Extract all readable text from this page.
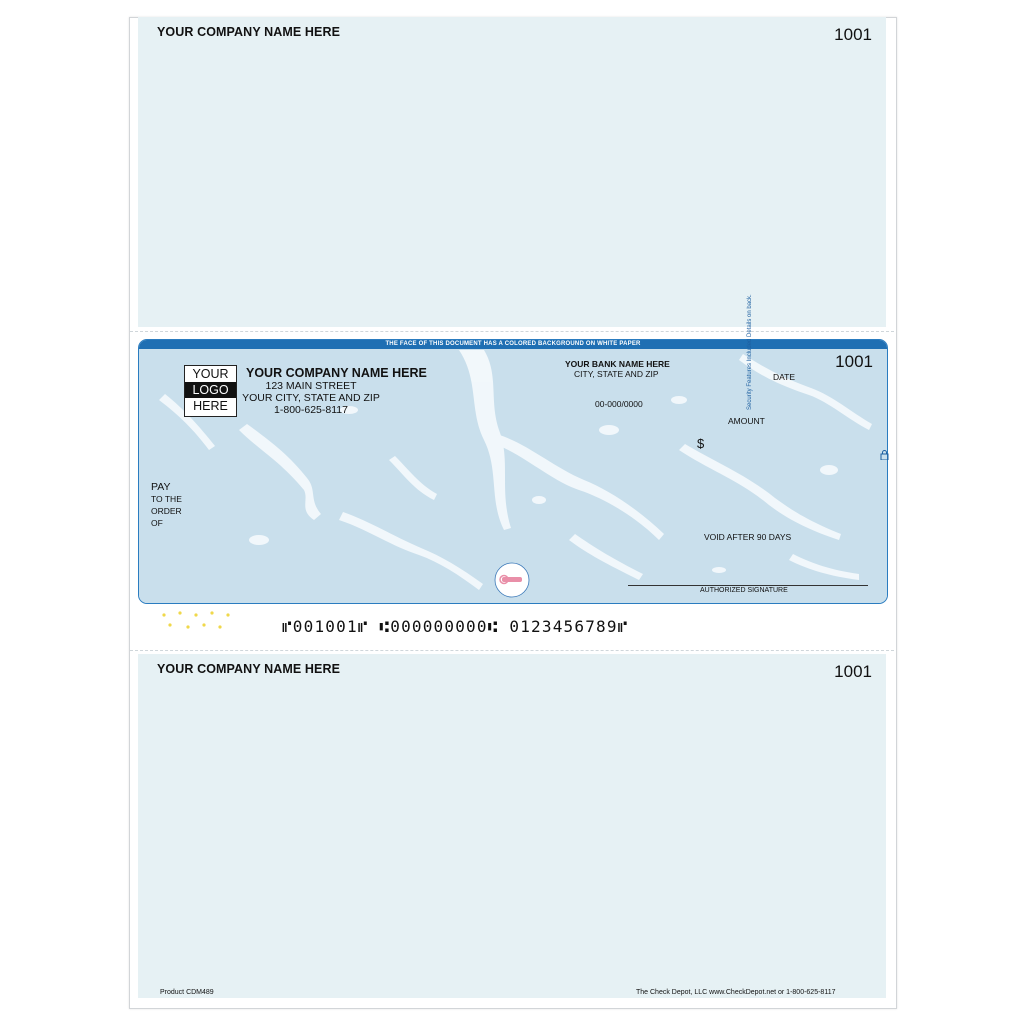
YOUR COMPANY NAME HERE	1001
THE FACE OF THIS DOCUMENT HAS A COLORED BACKGROUND ON WHITE PAPER
YOUR
LOGO
HERE
YOUR COMPANY NAME HERE
123 MAIN STREET
YOUR CITY, STATE AND ZIP
1-800-625-8117
YOUR BANK NAME HERE
CITY, STATE AND ZIP
00-000/0000
1001
DATE
AMOUNT
$
PAY
TO THE
ORDER
OF
VOID AFTER 90 DAYS
AUTHORIZED SIGNATURE
Security Features Included Details on back.
⑈001001⑈ ⑆000000000⑆ 0123456789⑈
YOUR COMPANY NAME HERE	1001
Product CDM489	The Check Depot, LLC www.CheckDepot.net or 1-800-625-8117
